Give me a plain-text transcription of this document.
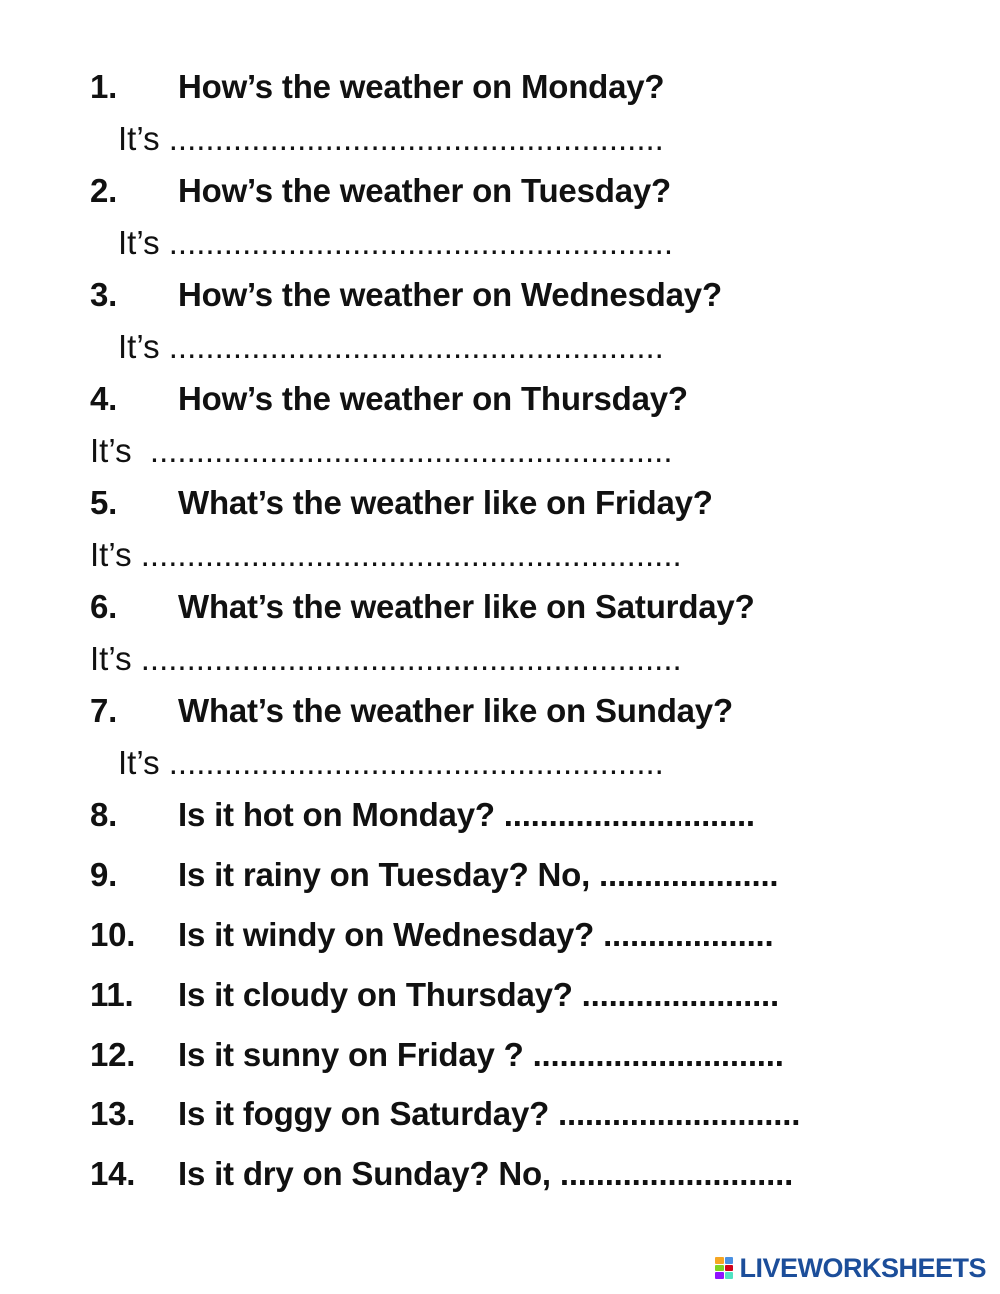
1.

How’s the weather on Monday?

It’s ......................................................

2.

How’s the weather on Tuesday?

It’s .......................................................

3.

How’s the weather on Wednesday?

It’s ......................................................

4.

How’s the weather on Thursday?

It’s  .........................................................

5.

What’s the weather like on Friday?

It’s ...........................................................

6.

What’s the weather like on Saturday?

It’s ...........................................................

7.

What’s the weather like on Sunday?

It’s ......................................................

8.

Is it hot on Monday? ............................

9.

Is it rainy on Tuesday? No, ....................

10.

Is it windy on Wednesday? ...................

11.

Is it cloudy on Thursday? ......................

12.

Is it sunny on Friday ? ............................

13.

Is it foggy on Saturday? ...........................

14.

Is it dry on Sunday? No, ..........................

LIVEWORKSHEETS
